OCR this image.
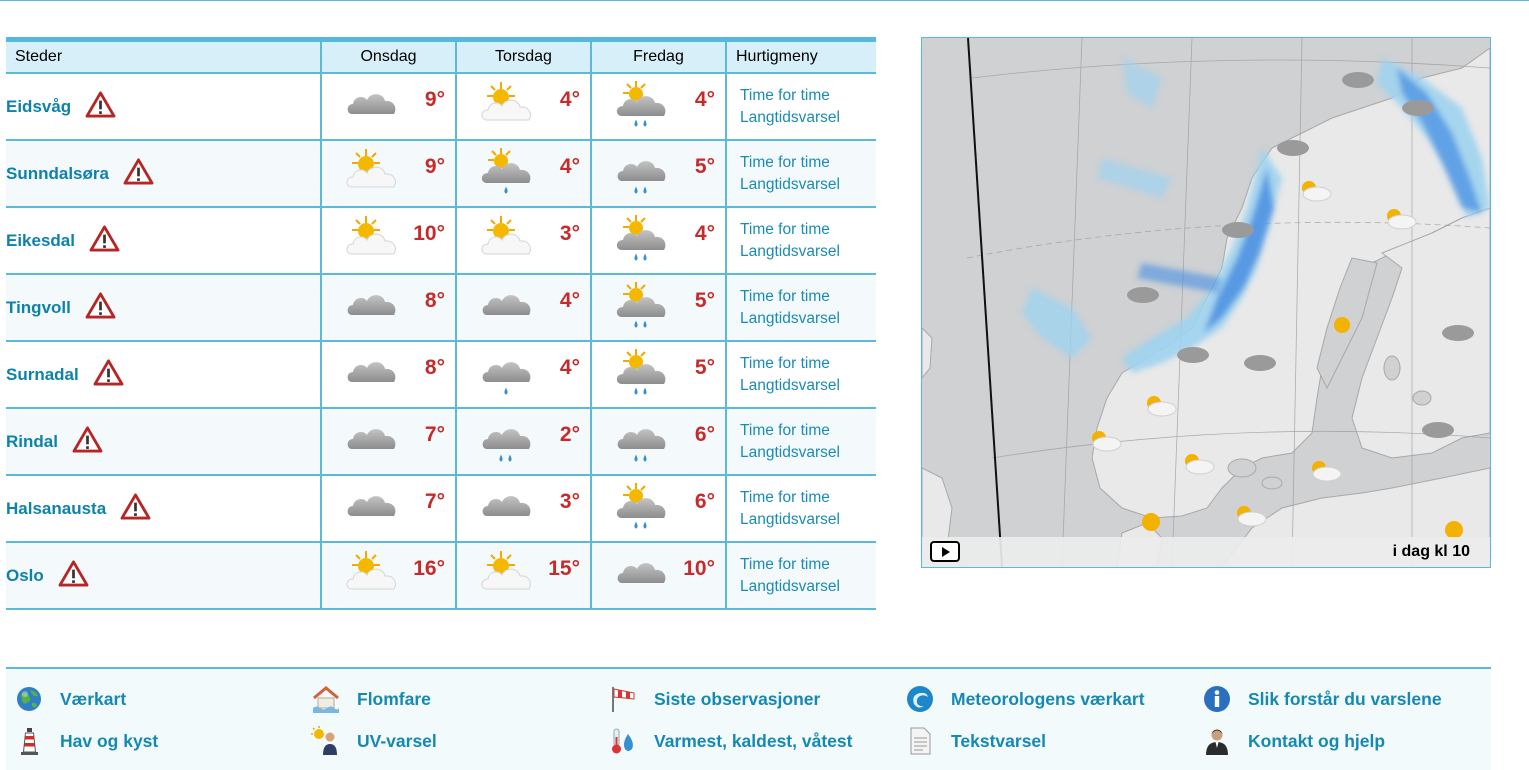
Steder	Onsdag	Torsdag	Fredag	Hurtigmeny
Eidsvåg	9°	4°	4°	Time for time
Langtidsvarsel

Sunndalsøra	9°	4°	5°	Time for time
Langtidsvarsel

Eikesdal	10°	3°	4°	Time for time
Langtidsvarsel

Tingvoll	8°	4°	5°	Time for time
Langtidsvarsel

Surnadal	8°	4°	5°	Time for time
Langtidsvarsel

Rindal	7°	2°	6°	Time for time
Langtidsvarsel

Halsanausta	7°	3°	6°	Time for time
Langtidsvarsel

Oslo	16°	15°	10°	Time for time
Langtidsvarsel
i dag kl 10
Værkart	Flomfare	Siste observasjoner	Meteorologens værkart	Slik forstår du varslene
Hav og kyst	UV-varsel	Varmest, kaldest, våtest	Tekstvarsel	Kontakt og hjelp
